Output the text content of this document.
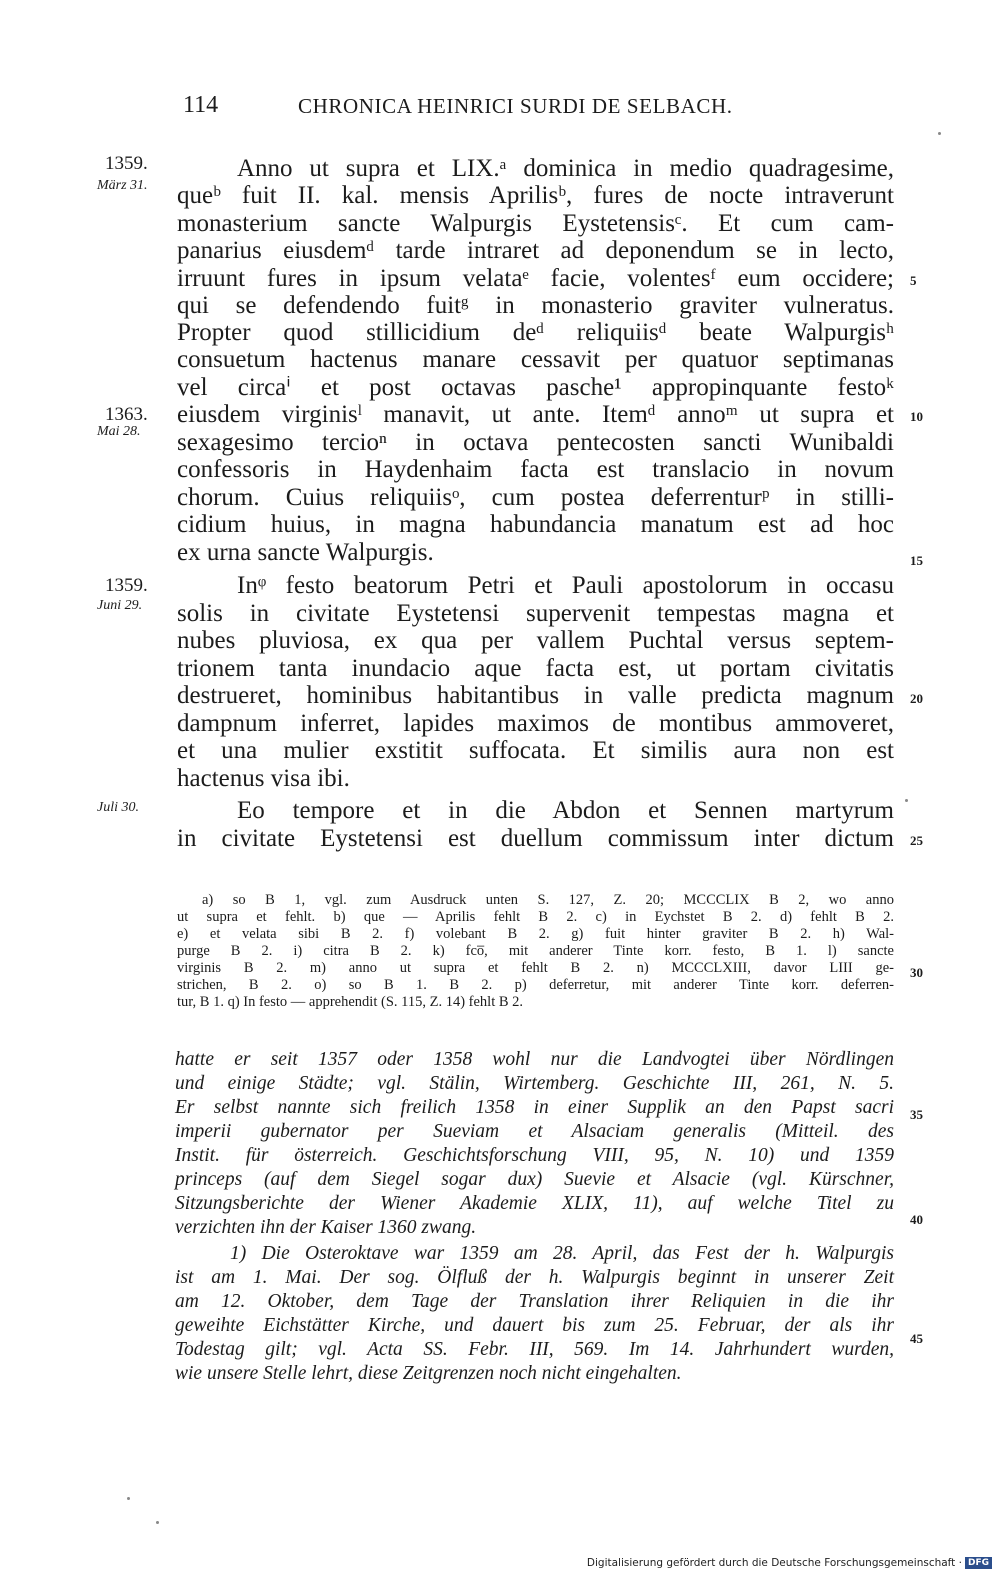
114	CHRONICA HEINRICI SURDI DE SELBACH.
1359.
März 31.
1363.
Mai 28.
1359.
Juni 29.
Juli 30.
Anno ut supra et LIX.ᵃ dominica in medio quadragesime,
queᵇ fuit II. kal. mensis Aprilisᵇ, fures de nocte intraverunt
monasterium sancte Walpurgis Eystetensisᶜ. Et cum cam-
panarius eiusdemᵈ tarde intraret ad deponendum se in lecto,
irruunt fures in ipsum velataᵉ facie, volentesᶠ eum occidere;
qui se defendendo fuitᵍ in monasterio graviter vulneratus.
Propter quod stillicidium deᵈ reliquiisᵈ beate Walpurgisʰ
consuetum hactenus manare cessavit per quatuor septimanas
vel circaⁱ et post octavas pasche¹ appropinquante festoᵏ
eiusdem virginisˡ manavit, ut ante. Itemᵈ annoᵐ ut supra et
sexagesimo tercioⁿ in octava pentecosten sancti Wunibaldi
confessoris in Haydenhaim facta est translacio in novum
chorum. Cuius reliquiisᵒ, cum postea deferrenturᵖ in stilli-
cidium huius, in magna habundancia manatum est ad hoc
ex urna sancte Walpurgis.
Inᵠ festo beatorum Petri et Pauli apostolorum in occasu
solis in civitate Eystetensi supervenit tempestas magna et
nubes pluviosa, ex qua per vallem Puchtal versus septem-
trionem tanta inundacio aque facta est, ut portam civitatis
destrueret, hominibus habitantibus in valle predicta magnum
dampnum inferret, lapides maximos de montibus ammoveret,
et una mulier exstitit suffocata. Et similis aura non est
hactenus visa ibi.
Eo tempore et in die Abdon et Sennen martyrum
in civitate Eystetensi est duellum commissum inter dictum
5
10
15
20
25
a) so B 1, vgl. zum Ausdruck unten S. 127, Z. 20; MCCCLIX B 2, wo anno
ut supra et fehlt. b) que — Aprilis fehlt B 2. c) in Eychstet B 2. d) fehlt B 2.
e) et velata sibi B 2. f) volebant B 2. g) fuit hinter graviter B 2. h) Wal-
purge B 2. i) citra B 2. k) fco̅, mit anderer Tinte korr. festo, B 1. l) sancte
virginis B 2. m) anno ut supra et fehlt B 2. n) MCCCLXIII, davor LIII ge-
strichen, B 2. o) so B 1. B 2. p) deferretur, mit anderer Tinte korr. deferren-
tur, B 1. q) In festo — apprehendit (S. 115, Z. 14) fehlt B 2.
30
hatte er seit 1357 oder 1358 wohl nur die Landvogtei über Nördlingen
und einige Städte; vgl. Stälin, Wirtemberg. Geschichte III, 261, N. 5.
Er selbst nannte sich freilich 1358 in einer Supplik an den Papst sacri
imperii gubernator per Sueviam et Alsaciam generalis (Mitteil. des
Instit. für österreich. Geschichtsforschung VIII, 95, N. 10) und 1359
princeps (auf dem Siegel sogar dux) Suevie et Alsacie (vgl. Kürschner,
Sitzungsberichte der Wiener Akademie XLIX, 11), auf welche Titel zu
verzichten ihn der Kaiser 1360 zwang.
1) Die Osteroktave war 1359 am 28. April, das Fest der h. Walpurgis
ist am 1. Mai. Der sog. Ölfluß der h. Walpurgis beginnt in unserer Zeit
am 12. Oktober, dem Tage der Translation ihrer Reliquien in die ihr
geweihte Eichstätter Kirche, und dauert bis zum 25. Februar, der als ihr
Todestag gilt; vgl. Acta SS. Febr. III, 569. Im 14. Jahrhundert wurden,
wie unsere Stelle lehrt, diese Zeitgrenzen noch nicht eingehalten.
35
40
45
Digitalisierung gefördert durch die Deutsche Forschungsgemeinschaft · DFG
